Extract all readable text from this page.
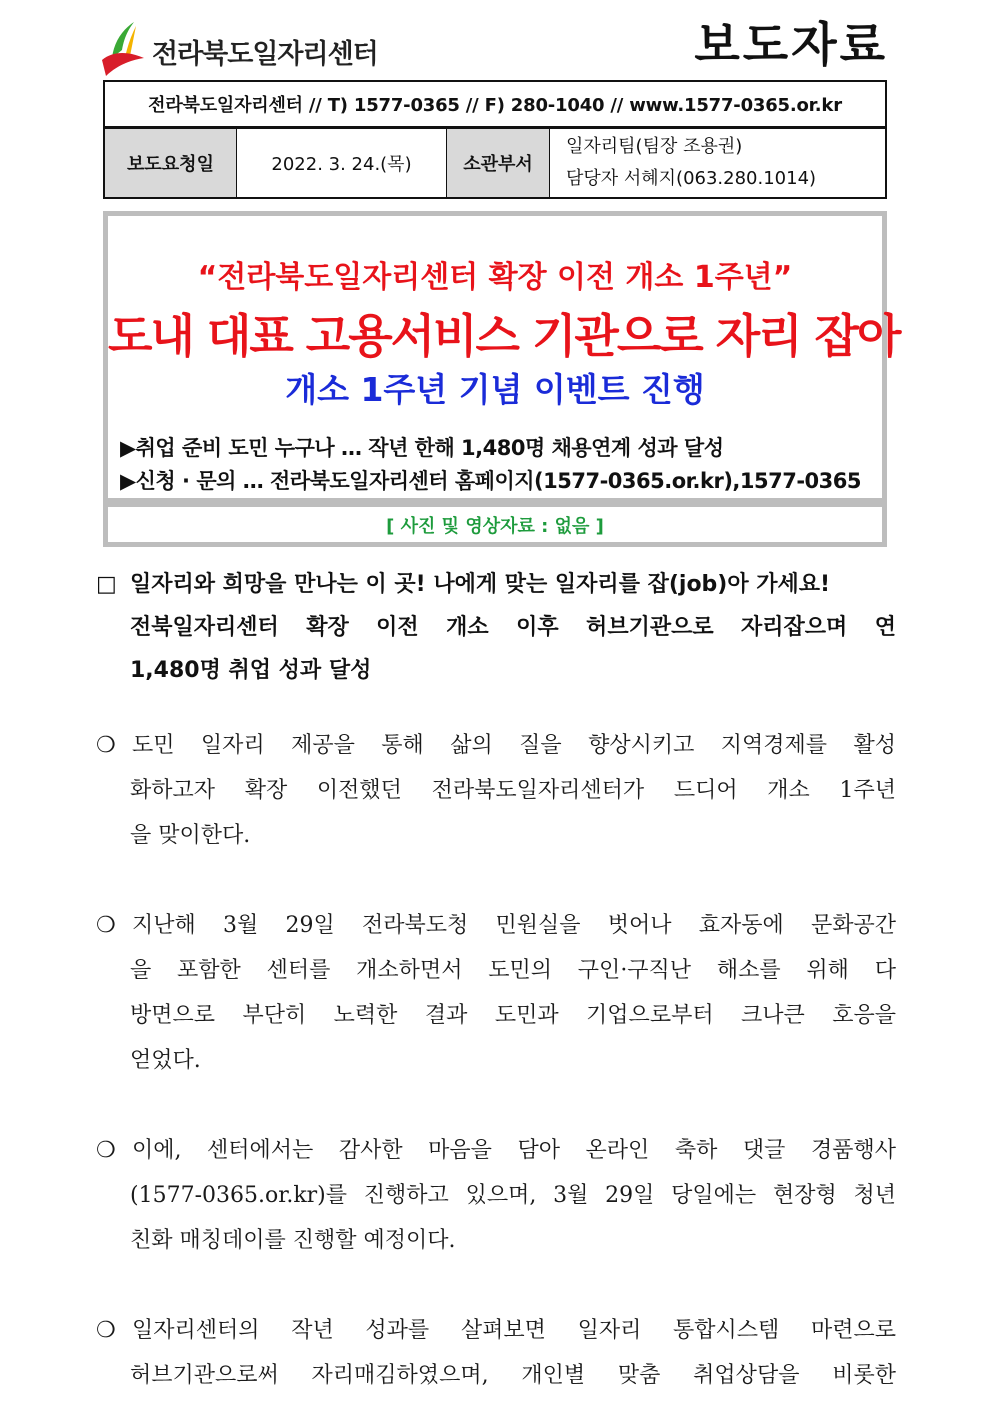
전라북도일자리센터	보도자료
전라북도일자리센터 // T) 1577-0365 // F) 280-1040 // www.1577-0365.or.kr
보도요청일	2022. 3. 24.(목)	소관부서
일자리팀(팀장 조용권)
담당자 서혜지(063.280.1014)
“전라북도일자리센터 확장 이전 개소 1주년”
도내 대표 고용서비스 기관으로 자리 잡아
개소 1주년 기념 이벤트 진행
▶취업 준비 도민 누구나 … 작년 한해 1,480명 채용연계 성과 달성
▶신청 · 문의 … 전라북도일자리센터 홈페이지(1577-0365.or.kr),1577-0365
[ 사진 및 영상자료 : 없음 ]
□ 일자리와 희망을 만나는 이 곳! 나에게 맞는 일자리를 잡(job)아 가세요!
전북일자리센터 확장 이전 개소 이후 허브기관으로 자리잡으며 연
1,480명 취업 성과 달성
❍ 도민 일자리 제공을 통해 삶의 질을 향상시키고 지역경제를 활성
화하고자 확장 이전했던 전라북도일자리센터가 드디어 개소 1주년
을 맞이한다.
❍ 지난해 3월 29일 전라북도청 민원실을 벗어나 효자동에 문화공간
을 포함한 센터를 개소하면서 도민의 구인·구직난 해소를 위해 다
방면으로 부단히 노력한 결과 도민과 기업으로부터 크나큰 호응을
얻었다.
❍ 이에, 센터에서는 감사한 마음을 담아 온라인 축하 댓글 경품행사
(1577-0365.or.kr)를 진행하고 있으며, 3월 29일 당일에는 현장형 청년
친화 매칭데이를 진행할 예정이다.
❍ 일자리센터의 작년 성과를 살펴보면 일자리 통합시스템 마련으로
허브기관으로써 자리매김하였으며, 개인별 맞춤 취업상담을 비롯한
